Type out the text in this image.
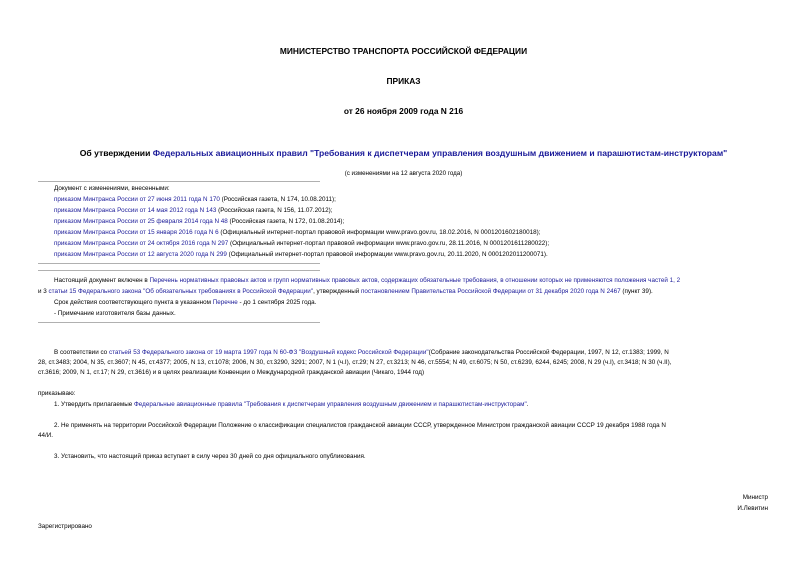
МИНИСТЕРСТВО ТРАНСПОРТА РОССИЙСКОЙ ФЕДЕРАЦИИ
ПРИКАЗ
от 26 ноября 2009 года N 216
Об утверждении Федеральных авиационных правил "Требования к диспетчерам управления воздушным движением и парашютистам-инструкторам"
(с изменениями на 12 августа 2020 года)
Документ с изменениями, внесенными:
приказом Минтранса России от 27 июня 2011 года N 170 (Российская газета, N 174, 10.08.2011);
приказом Минтранса России от 14 мая 2012 года N 143 (Российская газета, N 156, 11.07.2012);
приказом Минтранса России от 25 февраля 2014 года N 48 (Российская газета, N 172, 01.08.2014);
приказом Минтранса России от 15 января 2016 года N 6 (Официальный интернет-портал правовой информации www.pravo.gov.ru, 18.02.2016, N 0001201602180018);
приказом Минтранса России от 24 октября 2016 года N 297 (Официальный интернет-портал правовой информации www.pravo.gov.ru, 28.11.2016, N 0001201611280022);
приказом Минтранса России от 12 августа 2020 года N 299 (Официальный интернет-портал правовой информации www.pravo.gov.ru, 20.11.2020, N 0001202011200071).
Настоящий документ включен в Перечень нормативных правовых актов и групп нормативных правовых актов, содержащих обязательные требования, в отношении которых не применяются положения частей 1, 2
и 3 статьи 15 Федерального закона "Об обязательных требованиях в Российской Федерации", утвержденный постановлением Правительства Российской Федерации от 31 декабря 2020 года N 2467 (пункт 39).
Срок действия соответствующего пункта в указанном Перечне - до 1 сентября 2025 года.
- Примечание изготовителя базы данных.
В соответствии со статьей 53 Федерального закона от 19 марта 1997 года N 60-ФЗ "Воздушный кодекс Российской Федерации"(Собрание законодательства Российской Федерации, 1997, N 12, ст.1383; 1999, N
28, ст.3483; 2004, N 35, ст.3607; N 45, ст.4377; 2005, N 13, ст.1078; 2006, N 30, ст.3290, 3291; 2007, N 1 (ч.I), ст.29; N 27, ст.3213; N 46, ст.5554; N 49, ст.6075; N 50, ст.6239, 6244, 6245; 2008, N 29 (ч.I), ст.3418; N 30 (ч.II),
ст.3616; 2009, N 1, ст.17; N 29, ст.3616) и в целях реализации Конвенции о Международной гражданской авиации (Чикаго, 1944 год)
приказываю:
1. Утвердить прилагаемые Федеральные авиационные правила "Требования к диспетчерам управления воздушным движением и парашютистам-инструкторам".
2. Не применять на территории Российской Федерации Положение о классификации специалистов гражданской авиации СССР, утвержденное Министром гражданской авиации СССР 19 декабря 1988 года N
44/И.
3. Установить, что настоящий приказ вступает в силу через 30 дней со дня официального опубликования.
Министр
И.Левитин
Зарегистрировано
